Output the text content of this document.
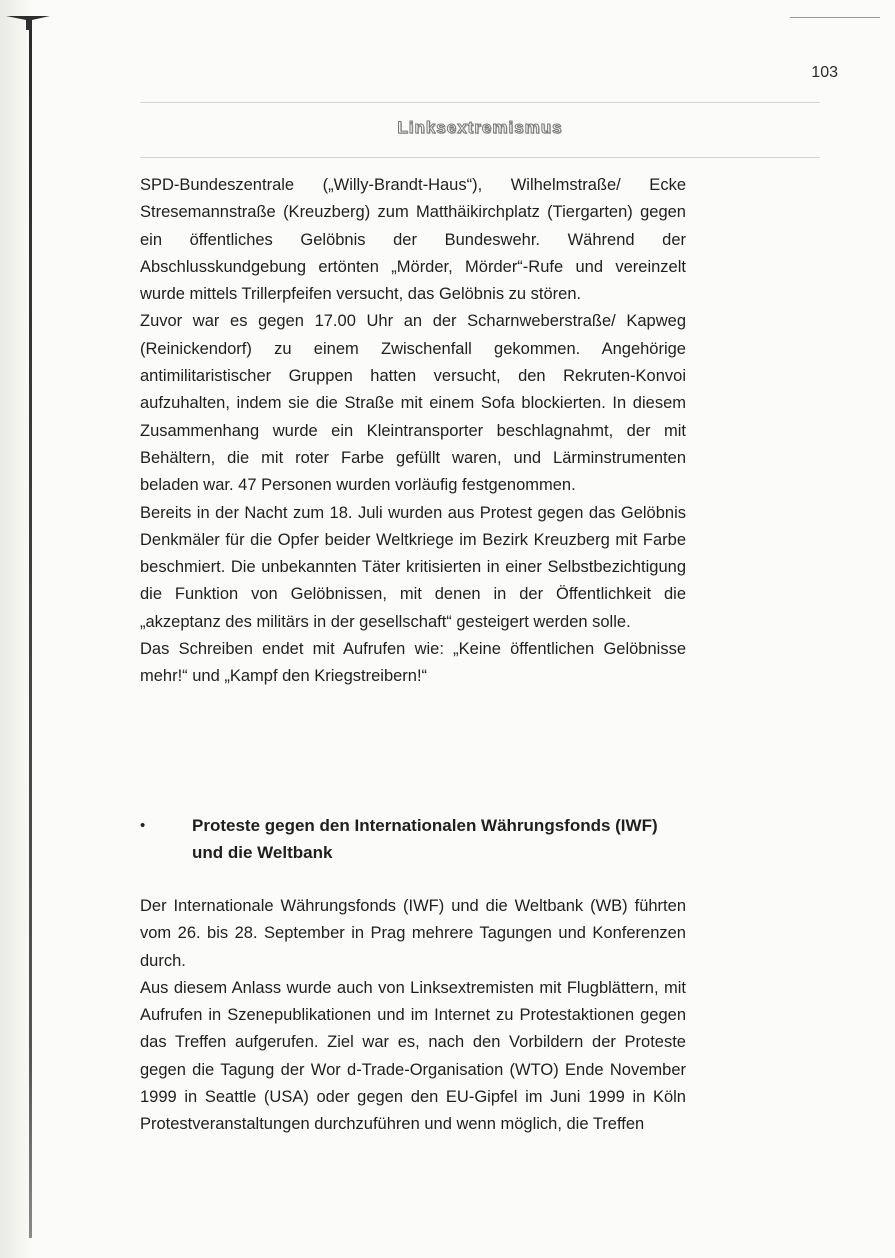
103
Linksextremismus

SPD-Bundeszentrale („Willy-Brandt-Haus“), Wilhelmstraße/ Ecke Stresemannstraße (Kreuzberg) zum Matthäikirchplatz (Tiergarten) gegen ein öffentliches Gelöbnis der Bundeswehr. Während der Abschlusskundgebung ertönten „Mörder, Mörder“-Rufe und vereinzelt wurde mittels Trillerpfeifen versucht, das Gelöbnis zu stören.

Zuvor war es gegen 17.00 Uhr an der Scharnweberstraße/ Kapweg (Reinickendorf) zu einem Zwischenfall gekommen. Angehörige antimilitaristischer Gruppen hatten versucht, den Rekruten-Konvoi aufzuhalten, indem sie die Straße mit einem Sofa blockierten. In diesem Zusammenhang wurde ein Kleintransporter beschlagnahmt, der mit Behältern, die mit roter Farbe gefüllt waren, und Lärminstrumenten beladen war. 47 Personen wurden vorläufig festgenommen.

Bereits in der Nacht zum 18. Juli wurden aus Protest gegen das Gelöbnis Denkmäler für die Opfer beider Weltkriege im Bezirk Kreuzberg mit Farbe beschmiert. Die unbekannten Täter kritisierten in einer Selbstbezichtigung die Funktion von Gelöbnissen, mit denen in der Öffentlichkeit die „akzeptanz des militärs in der gesellschaft“ gesteigert werden solle.

Das Schreiben endet mit Aufrufen wie: „Keine öffentlichen Gelöbnisse mehr!“ und „Kampf den Kriegstreibern!“

•	Proteste gegen den Internationalen Währungsfonds (IWF) und die Weltbank

Der Internationale Währungsfonds (IWF) und die Weltbank (WB) führten vom 26. bis 28. September in Prag mehrere Tagungen und Konferenzen durch.

Aus diesem Anlass wurde auch von Linksextremisten mit Flugblättern, mit Aufrufen in Szenepublikationen und im Internet zu Protestaktionen gegen das Treffen aufgerufen. Ziel war es, nach den Vorbildern der Proteste gegen die Tagung der Wor d-Trade-Organisation (WTO) Ende November 1999 in Seattle (USA) oder gegen den EU-Gipfel im Juni 1999 in Köln Protestveranstaltungen durchzuführen und wenn möglich, die Treffen
